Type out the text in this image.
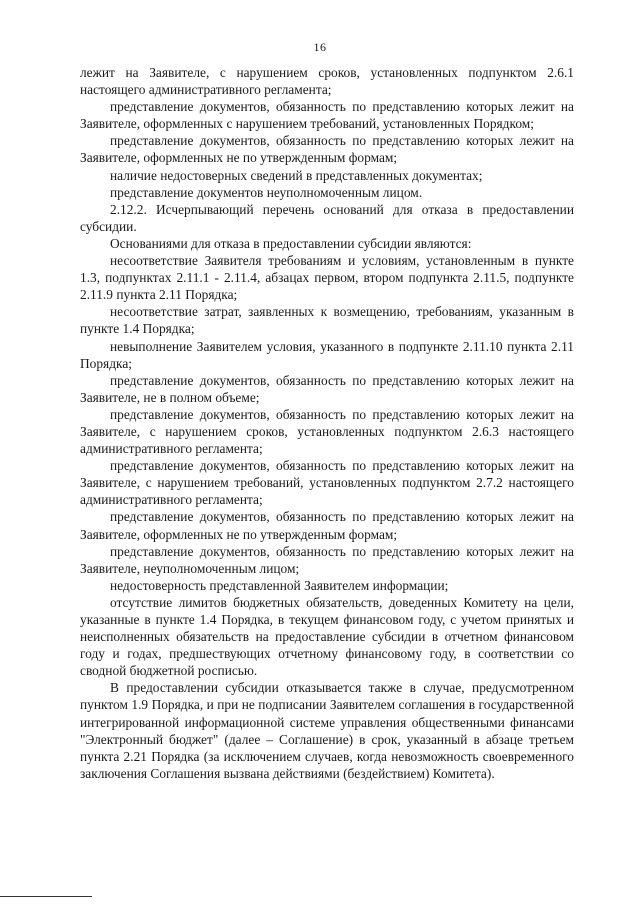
16

лежит на Заявителе, с нарушением сроков, установленных подпунктом 2.6.1 настоящего административного регламента;

представление документов, обязанность по представлению которых лежит на Заявителе, оформленных с нарушением требований, установленных Порядком;

представление документов, обязанность по представлению которых лежит на Заявителе, оформленных не по утвержденным формам;

наличие недостоверных сведений в представленных документах;

представление документов неуполномоченным лицом.

2.12.2. Исчерпывающий перечень оснований для отказа в предоставлении субсидии.

Основаниями для отказа в предоставлении субсидии являются:

несоответствие Заявителя требованиям и условиям, установленным в пункте 1.3, подпунктах 2.11.1 - 2.11.4, абзацах первом, втором подпункта 2.11.5, подпункте 2.11.9 пункта 2.11 Порядка;

несоответствие затрат, заявленных к возмещению, требованиям, указанным в пункте 1.4 Порядка;

невыполнение Заявителем условия, указанного в подпункте 2.11.10 пункта 2.11 Порядка;

представление документов, обязанность по представлению которых лежит на Заявителе, не в полном объеме;

представление документов, обязанность по представлению которых лежит на Заявителе, с нарушением сроков, установленных подпунктом 2.6.3 настоящего административного регламента;

представление документов, обязанность по представлению которых лежит на Заявителе, с нарушением требований, установленных подпунктом 2.7.2 настоящего административного регламента;

представление документов, обязанность по представлению которых лежит на Заявителе, оформленных не по утвержденным формам;

представление документов, обязанность по представлению которых лежит на Заявителе, неуполномоченным лицом;

недостоверность представленной Заявителем информации;

отсутствие лимитов бюджетных обязательств, доведенных Комитету на цели, указанные в пункте 1.4 Порядка, в текущем финансовом году, с учетом принятых и неисполненных обязательств на предоставление субсидии в отчетном финансовом году и годах, предшествующих отчетному финансовому году, в соответствии со сводной бюджетной росписью.

В предоставлении субсидии отказывается также в случае, предусмотренном пунктом 1.9 Порядка, и при не подписании Заявителем соглашения в государственной интегрированной информационной системе управления общественными финансами "Электронный бюджет" (далее – Соглашение) в срок, указанный в абзаце третьем пункта 2.21 Порядка (за исключением случаев, когда невозможность своевременного заключения Соглашения вызвана действиями (бездействием) Комитета).
